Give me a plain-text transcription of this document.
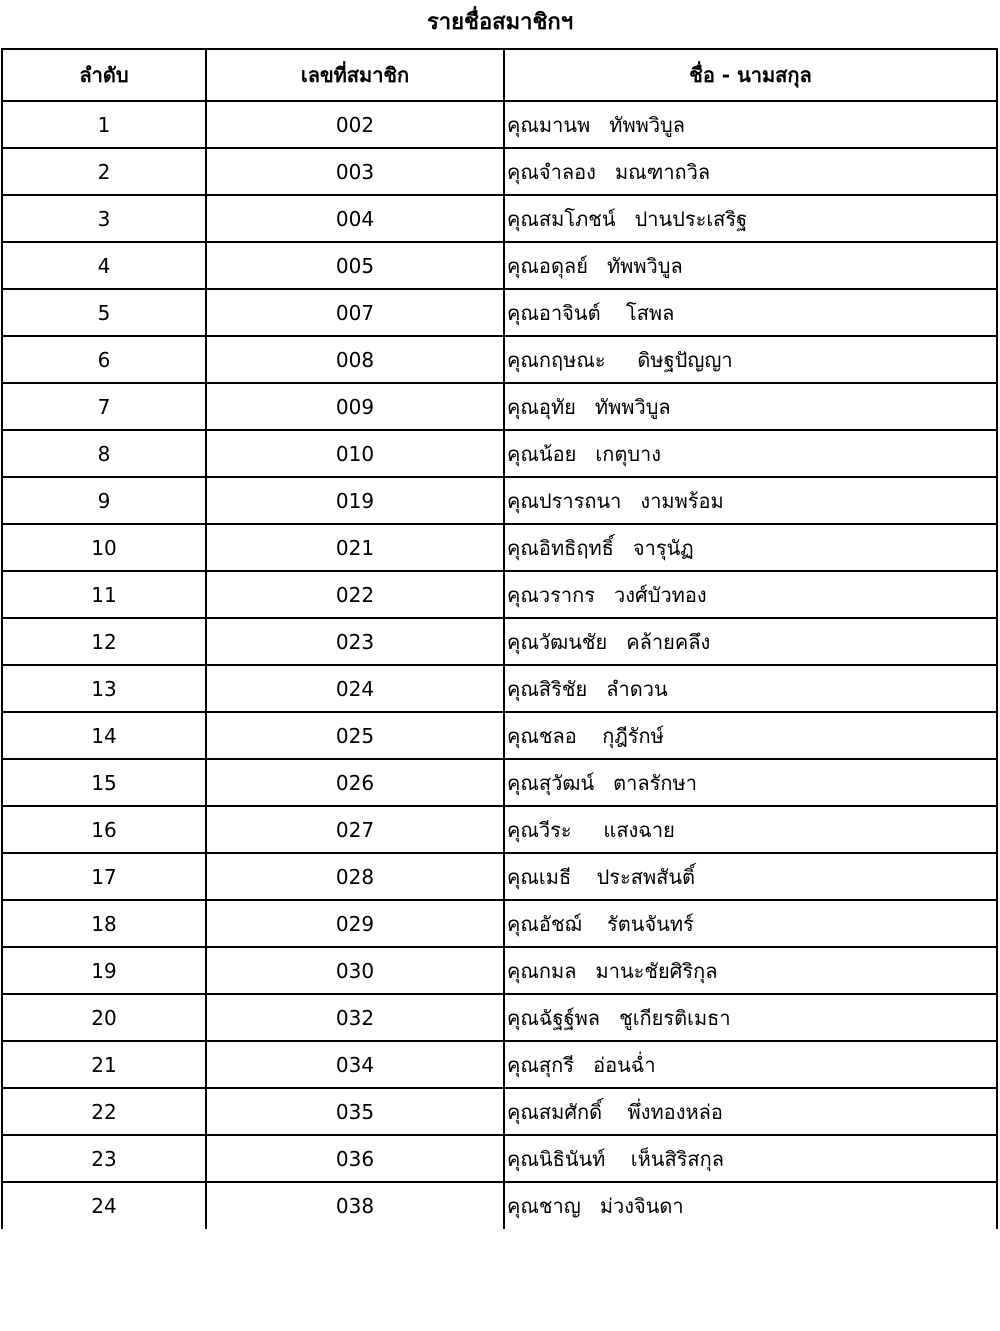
รายชื่อสมาชิกฯ
ลำดับ	เลขที่สมาชิก	ชื่อ - นามสกุล
1	002	คุณมานพ   ทัพพวิบูล
2	003	คุณจำลอง   มณฑาถวิล
3	004	คุณสมโภชน์   ปานประเสริฐ
4	005	คุณอดุลย์   ทัพพวิบูล
5	007	คุณอาจินต์    โสพล
6	008	คุณกฤษณะ     ดิษฐปัญญา
7	009	คุณอุทัย   ทัพพวิบูล
8	010	คุณน้อย   เกตุบาง
9	019	คุณปรารถนา   งามพร้อม
10	021	คุณอิทธิฤทธิ์   จารุนัฏ
11	022	คุณวรากร   วงศ์บัวทอง
12	023	คุณวัฒนชัย   คล้ายคลึง
13	024	คุณสิริชัย   ลำดวน
14	025	คุณชลอ    กุฎีรักษ์
15	026	คุณสุวัฒน์   ตาลรักษา
16	027	คุณวีระ     แสงฉาย
17	028	คุณเมธี    ประสพสันติ์
18	029	คุณอัชฌ์    รัตนจันทร์
19	030	คุณกมล   มานะชัยศิริกุล
20	032	คุณฉัฐฐ์พล   ชูเกียรติเมธา
21	034	คุณสุกรี   อ่อนฉ่ำ
22	035	คุณสมศักดิ์    พึ่งทองหล่อ
23	036	คุณนิธินันท์    เห็นสิริสกุล
24	038	คุณชาญ   ม่วงจินดา
